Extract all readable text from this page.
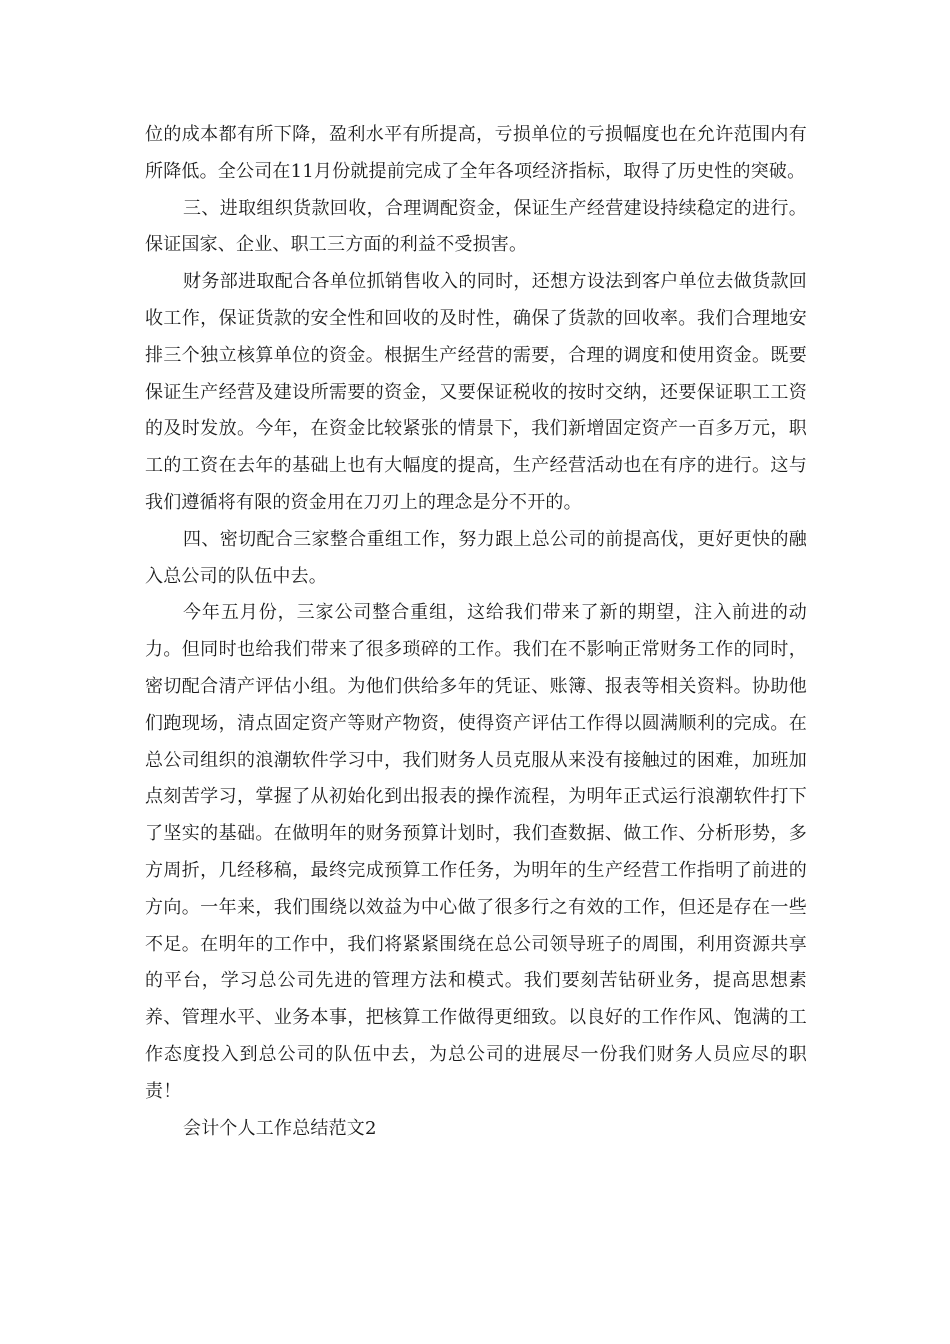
位的成本都有所下降，盈利水平有所提高，亏损单位的亏损幅度也在允许范围内有所降低。全公司在11月份就提前完成了全年各项经济指标，取得了历史性的突破。

三、进取组织货款回收，合理调配资金，保证生产经营建设持续稳定的进行。保证国家、企业、职工三方面的利益不受损害。

财务部进取配合各单位抓销售收入的同时，还想方设法到客户单位去做货款回收工作，保证货款的安全性和回收的及时性，确保了货款的回收率。我们合理地安排三个独立核算单位的资金。根据生产经营的需要，合理的调度和使用资金。既要保证生产经营及建设所需要的资金，又要保证税收的按时交纳，还要保证职工工资的及时发放。今年，在资金比较紧张的情景下，我们新增固定资产一百多万元，职工的工资在去年的基础上也有大幅度的提高，生产经营活动也在有序的进行。这与我们遵循将有限的资金用在刀刃上的理念是分不开的。

四、密切配合三家整合重组工作，努力跟上总公司的前提高伐，更好更快的融入总公司的队伍中去。

今年五月份，三家公司整合重组，这给我们带来了新的期望，注入前进的动力。但同时也给我们带来了很多琐碎的工作。我们在不影响正常财务工作的同时，密切配合清产评估小组。为他们供给多年的凭证、账簿、报表等相关资料。协助他们跑现场，清点固定资产等财产物资，使得资产评估工作得以圆满顺利的完成。在总公司组织的浪潮软件学习中，我们财务人员克服从来没有接触过的困难，加班加点刻苦学习，掌握了从初始化到出报表的操作流程，为明年正式运行浪潮软件打下了坚实的基础。在做明年的财务预算计划时，我们查数据、做工作、分析形势，多方周折，几经移稿，最终完成预算工作任务，为明年的生产经营工作指明了前进的方向。一年来，我们围绕以效益为中心做了很多行之有效的工作，但还是存在一些不足。在明年的工作中，我们将紧紧围绕在总公司领导班子的周围，利用资源共享的平台，学习总公司先进的管理方法和模式。我们要刻苦钻研业务，提高思想素养、管理水平、业务本事，把核算工作做得更细致。以良好的工作作风、饱满的工作态度投入到总公司的队伍中去，为总公司的进展尽一份我们财务人员应尽的职责！

会计个人工作总结范文2
